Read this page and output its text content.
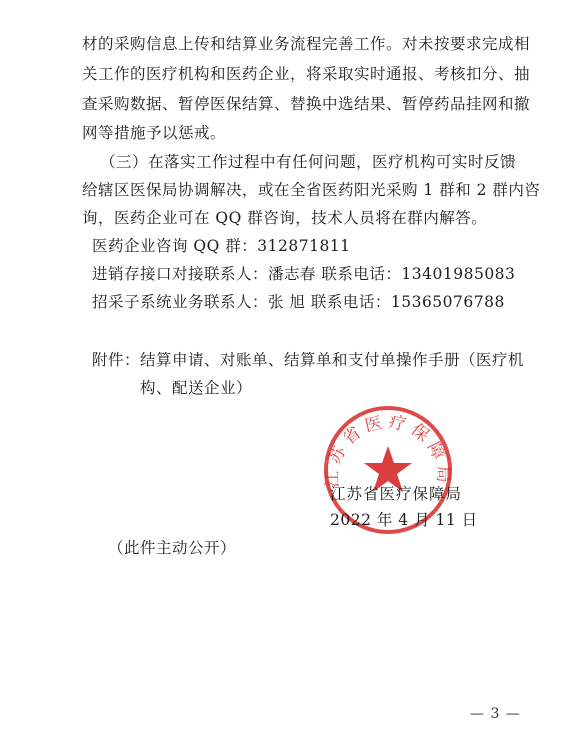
材的采购信息上传和结算业务流程完善工作。对未按要求完成相
关工作的医疗机构和医药企业，将采取实时通报、考核扣分、抽
查采购数据、暂停医保结算、替换中选结果、暂停药品挂网和撤
网等措施予以惩戒。
（三）在落实工作过程中有任何问题，医疗机构可实时反馈
给辖区医保局协调解决，或在全省医药阳光采购 1 群和 2 群内咨
询，医药企业可在 QQ 群咨询，技术人员将在群内解答。
医药企业咨询 QQ 群：312871811
进销存接口对接联系人：潘志春 联系电话：13401985083
招采子系统业务联系人：张 旭 联系电话：15365076788
附件：结算申请、对账单、结算单和支付单操作手册（医疗机
构、配送企业）
江苏省医疗保障局
江苏省医疗保障局
2022 年 4 月 11 日
（此件主动公开）
— 3 —
